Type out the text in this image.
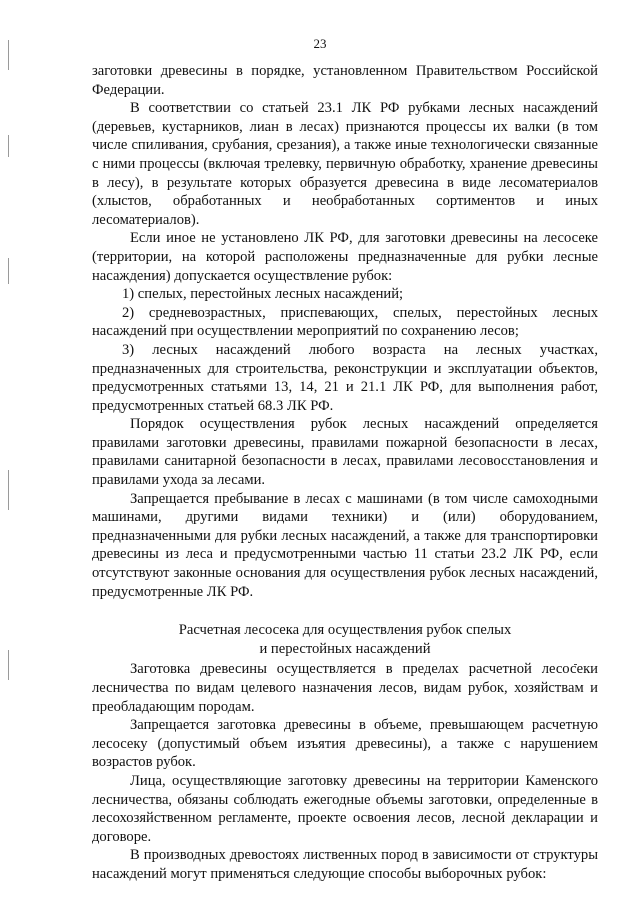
23

заготовки древесины в порядке, установленном Правительством Российской Федерации.

В соответствии со статьей 23.1 ЛК РФ рубками лесных насаждений (деревьев, кустарников, лиан в лесах) признаются процессы их валки (в том числе спиливания, срубания, срезания), а также иные технологически связанные с ними процессы (включая трелевку, первичную обработку, хранение древесины в лесу), в результате которых образуется древесина в виде лесоматериалов (хлыстов, обработанных и необработанных сортиментов и иных лесоматериалов).

Если иное не установлено ЛК РФ, для заготовки древесины на лесосеке (территории, на которой расположены предназначенные для рубки лесные насаждения) допускается осуществление рубок:

1) спелых, перестойных лесных насаждений;

2) средневозрастных, приспевающих, спелых, перестойных лесных насаждений при осуществлении мероприятий по сохранению лесов;

3) лесных насаждений любого возраста на лесных участках, предназначенных для строительства, реконструкции и эксплуатации объектов, предусмотренных статьями 13, 14, 21 и 21.1 ЛК РФ, для выполнения работ, предусмотренных статьей 68.3 ЛК РФ.

Порядок осуществления рубок лесных насаждений определяется правилами заготовки древесины, правилами пожарной безопасности в лесах, правилами санитарной безопасности в лесах, правилами лесовосстановления и правилами ухода за лесами.

Запрещается пребывание в лесах с машинами (в том числе самоходными машинами, другими видами техники) и (или) оборудованием, предназначенными для рубки лесных насаждений, а также для транспортировки древесины из леса и предусмотренными частью 11 статьи 23.2 ЛК РФ, если отсутствуют законные основания для осуществления рубок лесных насаждений, предусмотренные ЛК РФ.

Расчетная лесосека для осуществления рубок спелых
и перестойных насаждений

Заготовка древесины осуществляется в пределах расчетной лесосеки лесничества по видам целевого назначения лесов, видам рубок, хозяйствам и преобладающим породам.

Запрещается заготовка древесины в объеме, превышающем расчетную лесосеку (допустимый объем изъятия древесины), а также с нарушением возрастов рубок.

Лица, осуществляющие заготовку древесины на территории Каменского лесничества, обязаны соблюдать ежегодные объемы заготовки, определенные в лесохозяйственном регламенте, проекте освоения лесов, лесной декларации и договоре.

В производных древостоях лиственных пород в зависимости от структуры насаждений могут применяться следующие способы выборочных рубок:
